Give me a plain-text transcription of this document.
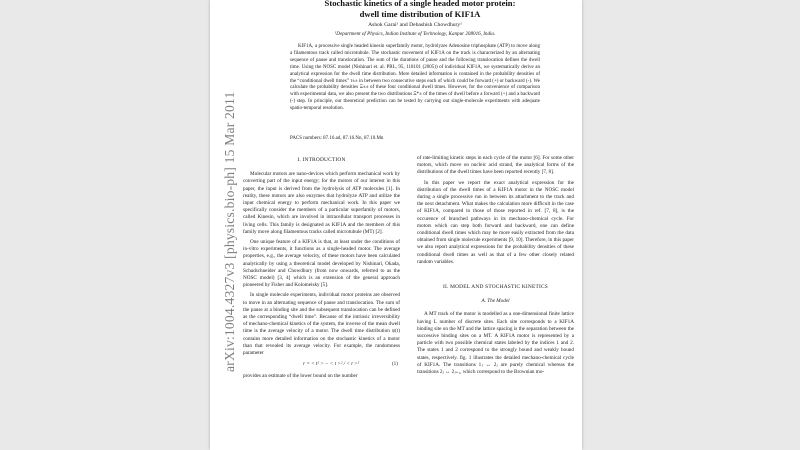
Stochastic kinetics of a single headed motor protein:
dwell time distribution of KIF1A
Ashok Garai¹ and Debashish Chowdhury¹
¹Department of Physics, Indian Institute of Technology, Kanpur 208016, India.

KIF1A, a processive single headed kinesin superfamily motor, hydrolyzes Adenosine triphosphate (ATP) to move along a filamentous track called microtubule. The stochastic movement of KIF1A on the track is characterized by an alternating sequence of pause and translocation. The sum of the durations of pause and the following translocation defines the dwell time. Using the NOSC model (Nishinari et. al. PRL, 95, 118101 (2005)) of individual KIF1A, we systematically derive an analytical expression for the dwell time distribution. More detailed information is contained in the probability densities of the “conditional dwell times” τ±± in between two consecutive steps each of which could be forward (+) or backward (-). We calculate the probability densities Ξ±± of these four conditional dwell times. However, for the convenience of comparison with experimental data, we also present the two distributions Ξ*± of the times of dwell before a forward (+) and a backward (-) step. In principle, our theoretical prediction can be tested by carrying out single-molecule experiments with adequate spatio-temporal resolution.

PACS numbers: 87.16.ad, 87.16.Nn, 87.10.Mn
I. INTRODUCTION

Molecular motors are nano-devices which perform mechanical work by converting part of the input energy; for the motors of our interest in this paper, the input is derived from the hydrolysis of ATP molecules [1]. In reality, these motors are also enzymes that hydrolyze ATP and utilize the input chemical energy to perform mechanical work. In this paper we specifically consider the members of a particular superfamily of motors, called Kinesin, which are involved in intracellular transport processes in living cells. This family is designated as KIF1A and the members of this family move along filamentous tracks called microtubule (MT) [2].

One unique feature of a KIF1A is that, at least under the conditions of in-vitro experiments, it functions as a single-headed motor. The average properties, e.g., the average velocity, of these motors have been calculated analytically by using a theoretical model developed by Nishinari, Okada, Schadschneider and Chowdhury (from now onwards, referred to as the NOSC model) [3, 4] which is an extension of the general approach pioneered by Fisher and Kolomeisky [5].

In single molecule experiments, individual motor proteins are observed to move in an alternating sequence of pause and translocation. The sum of the pause at a binding site and the subsequent translocation can be defined as the corresponding “dwell time”. Because of the intrinsic irreversibility of mechano-chemical kinetics of the system, the inverse of the mean dwell time is the average velocity of a motor. The dwell time distribution ψ(t) contains more detailed information on the stochastic kinetics of a motor than that revealed its average velocity. For example, the randomness parameter

r = < t² > − < t >² / < t >²	(1)

provides an estimate of the lower bound on the number

of rate-limiting kinetic steps in each cycle of the motor [6]. For some other motors, which move on nucleic acid strand, the analytical forms of the distributions of the dwell times have been reported recently [7, 8].

In this paper we report the exact analytical expression for the distribution of the dwell times of a KIF1A motor in the NOSC model during a single processive run in between its attachment to the track and the next detachment. What makes the calculation more difficult in the case of KIF1A, compared to those of those reported in ref. [7, 8], is the occurence of branched pathways in its mechano-chemical cycle. For motors which can step both forward and backward, one can define conditional dwell times which may be more easily extracted from the data obtained from single molecule experiments [9, 10]. Therefore, in this paper we also report analytical expressions for the probability densities of these conditional dwell times as well as that of a few other closely related random variables.

II. MODEL AND STOCHASTIC KINETICS
A. The Model

A MT track of the motor is modelled as a one-dimensional finite lattice having L number of discrete sites. Each site corresponds to a KIF1A binding site on the MT and the lattice spacing is the separation between the successive binding sites on a MT. A KIF1A motor is represented by a particle with two possible chemical states labeled by the indices 1 and 2. The states 1 and 2 correspond to the strongly bound and weakly bound states, respectively. fig. 1 illustrates the detailed mechano-chemical cycle of KIF1A. The transitions 1ⱼ ↔ 2ⱼ are purely chemical whereas the transitions 2ⱼ ↔ 2ⱼ₊₁, which correspond to the Brownian mo-

arXiv:1004.4327v3 [physics.bio-ph] 15 Mar 2011
